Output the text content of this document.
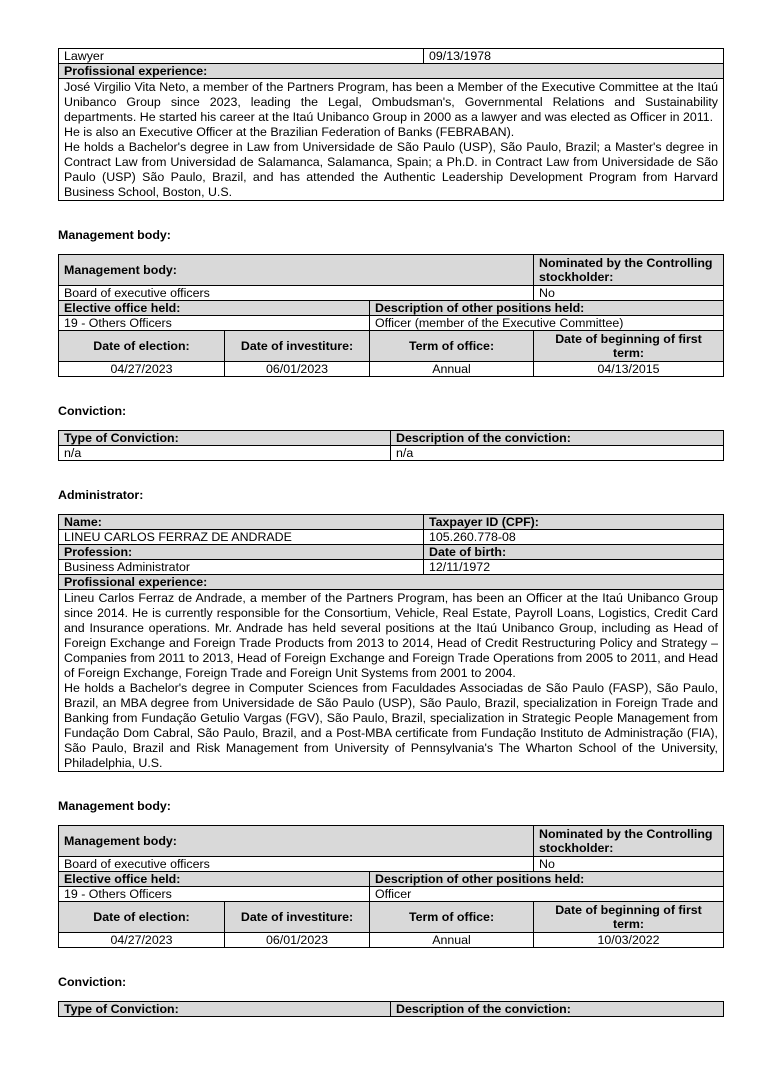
Lawyer	09/13/1978
Profissional experience:

José Virgilio Vita Neto, a member of the Partners Program, has been a Member of the Executive Committee at the Itaú Unibanco Group since 2023, leading the Legal, Ombudsman's, Governmental Relations and Sustainability departments. He started his career at the Itaú Unibanco Group in 2000 as a lawyer and was elected as Officer in 2011.
He is also an Executive Officer at the Brazilian Federation of Banks (FEBRABAN).
He holds a Bachelor's degree in Law from Universidade de São Paulo (USP), São Paulo, Brazil; a Master's degree in Contract Law from Universidad de Salamanca, Salamanca, Spain; a Ph.D. in Contract Law from Universidade de São Paulo (USP) São Paulo, Brazil, and has attended the Authentic Leadership Development Program from Harvard Business School, Boston, U.S.

Management body:

Management body:			Nominated by the Controlling stockholder:
Board of executive officers			No
Elective office held:		Description of other positions held:	
19 - Others Officers		Officer (member of the Executive Committee)	
Date of election:	Date of investiture:	Term of office:	Date of beginning of first term:
04/27/2023	06/01/2023	Annual	04/13/2015

Conviction:

Type of Conviction:	Description of the conviction:
n/a	n/a

Administrator:

Name:	Taxpayer ID (CPF):
LINEU CARLOS FERRAZ DE ANDRADE	105.260.778-08
Profession:	Date of birth:
Business Administrator	12/11/1972
Profissional experience:	

Lineu Carlos Ferraz de Andrade, a member of the Partners Program, has been an Officer at the Itaú Unibanco Group since 2014. He is currently responsible for the Consortium, Vehicle, Real Estate, Payroll Loans, Logistics, Credit Card and Insurance operations. Mr. Andrade has held several positions at the Itaú Unibanco Group, including as Head of Foreign Exchange and Foreign Trade Products from 2013 to 2014, Head of Credit Restructuring Policy and Strategy – Companies from 2011 to 2013, Head of Foreign Exchange and Foreign Trade Operations from 2005 to 2011, and Head of Foreign Exchange, Foreign Trade and Foreign Unit Systems from 2001 to 2004.
He holds a Bachelor's degree in Computer Sciences from Faculdades Associadas de São Paulo (FASP), São Paulo, Brazil, an MBA degree from Universidade de São Paulo (USP), São Paulo, Brazil, specialization in Foreign Trade and Banking from Fundação Getulio Vargas (FGV), São Paulo, Brazil, specialization in Strategic People Management from Fundação Dom Cabral, São Paulo, Brazil, and a Post-MBA certificate from Fundação Instituto de Administração (FIA), São Paulo, Brazil and Risk Management from University of Pennsylvania's The Wharton School of the University, Philadelphia, U.S.	

Management body:

Management body:			Nominated by the Controlling stockholder:
Board of executive officers			No
Elective office held:		Description of other positions held:	
19 - Others Officers		Officer	
Date of election:	Date of investiture:	Term of office:	Date of beginning of first term:
04/27/2023	06/01/2023	Annual	10/03/2022

Conviction:

Type of Conviction:	Description of the conviction:
